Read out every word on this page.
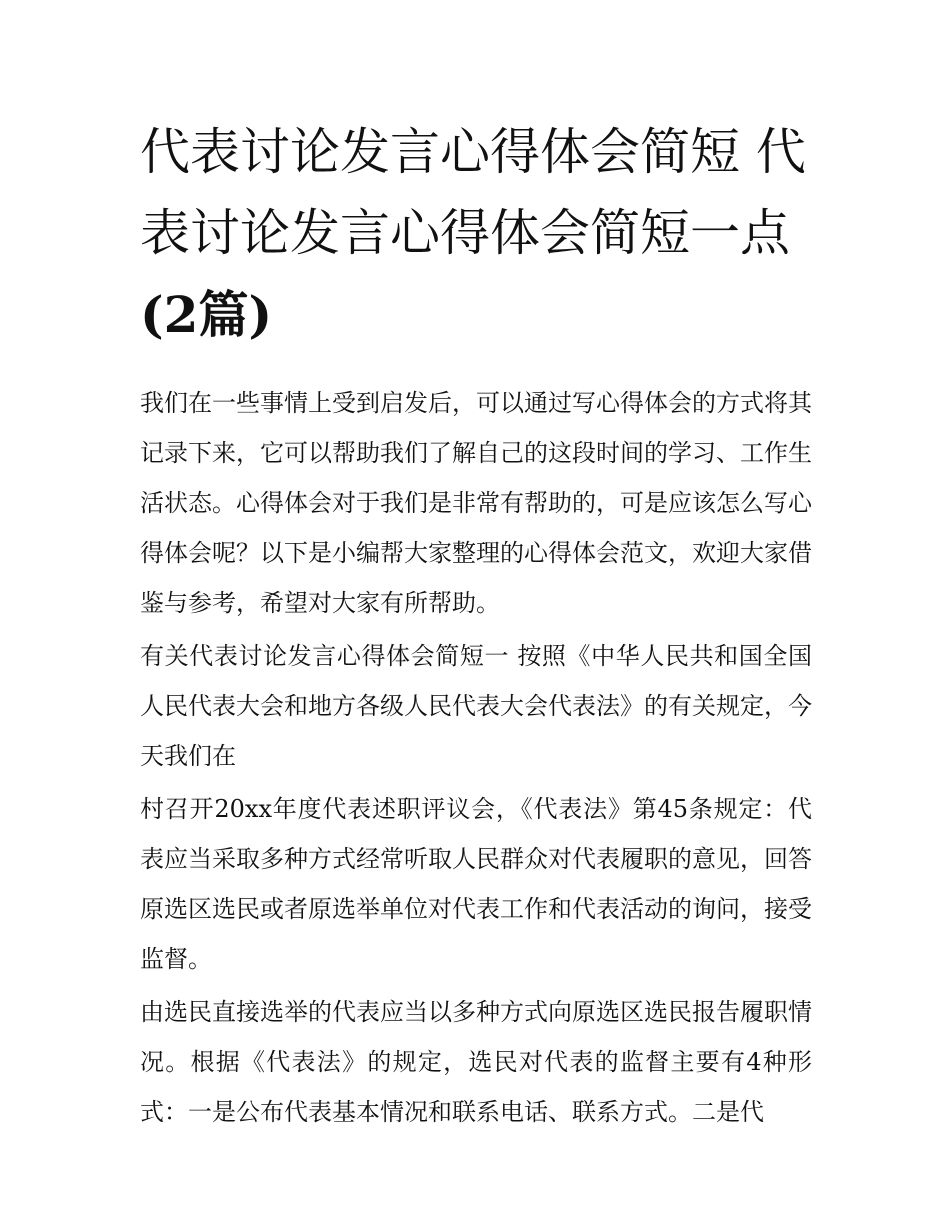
代表讨论发言心得体会简短 代
表讨论发言心得体会简短一点
(2篇)

我们在一些事情上受到启发后，可以通过写心得体会的方式将其记录下来，它可以帮助我们了解自己的这段时间的学习、工作生活状态。心得体会对于我们是非常有帮助的，可是应该怎么写心得体会呢？以下是小编帮大家整理的心得体会范文，欢迎大家借鉴与参考，希望对大家有所帮助。

有关代表讨论发言心得体会简短一 按照《中华人民共和国全国人民代表大会和地方各级人民代表大会代表法》的有关规定，今天我们在

村召开20xx年度代表述职评议会，《代表法》第45条规定：代表应当采取多种方式经常听取人民群众对代表履职的意见，回答原选区选民或者原选举单位对代表工作和代表活动的询问，接受监督。

由选民直接选举的代表应当以多种方式向原选区选民报告履职情况。根据《代表法》的规定，选民对代表的监督主要有4种形式：一是公布代表基本情况和联系电话、联系方式。二是代
